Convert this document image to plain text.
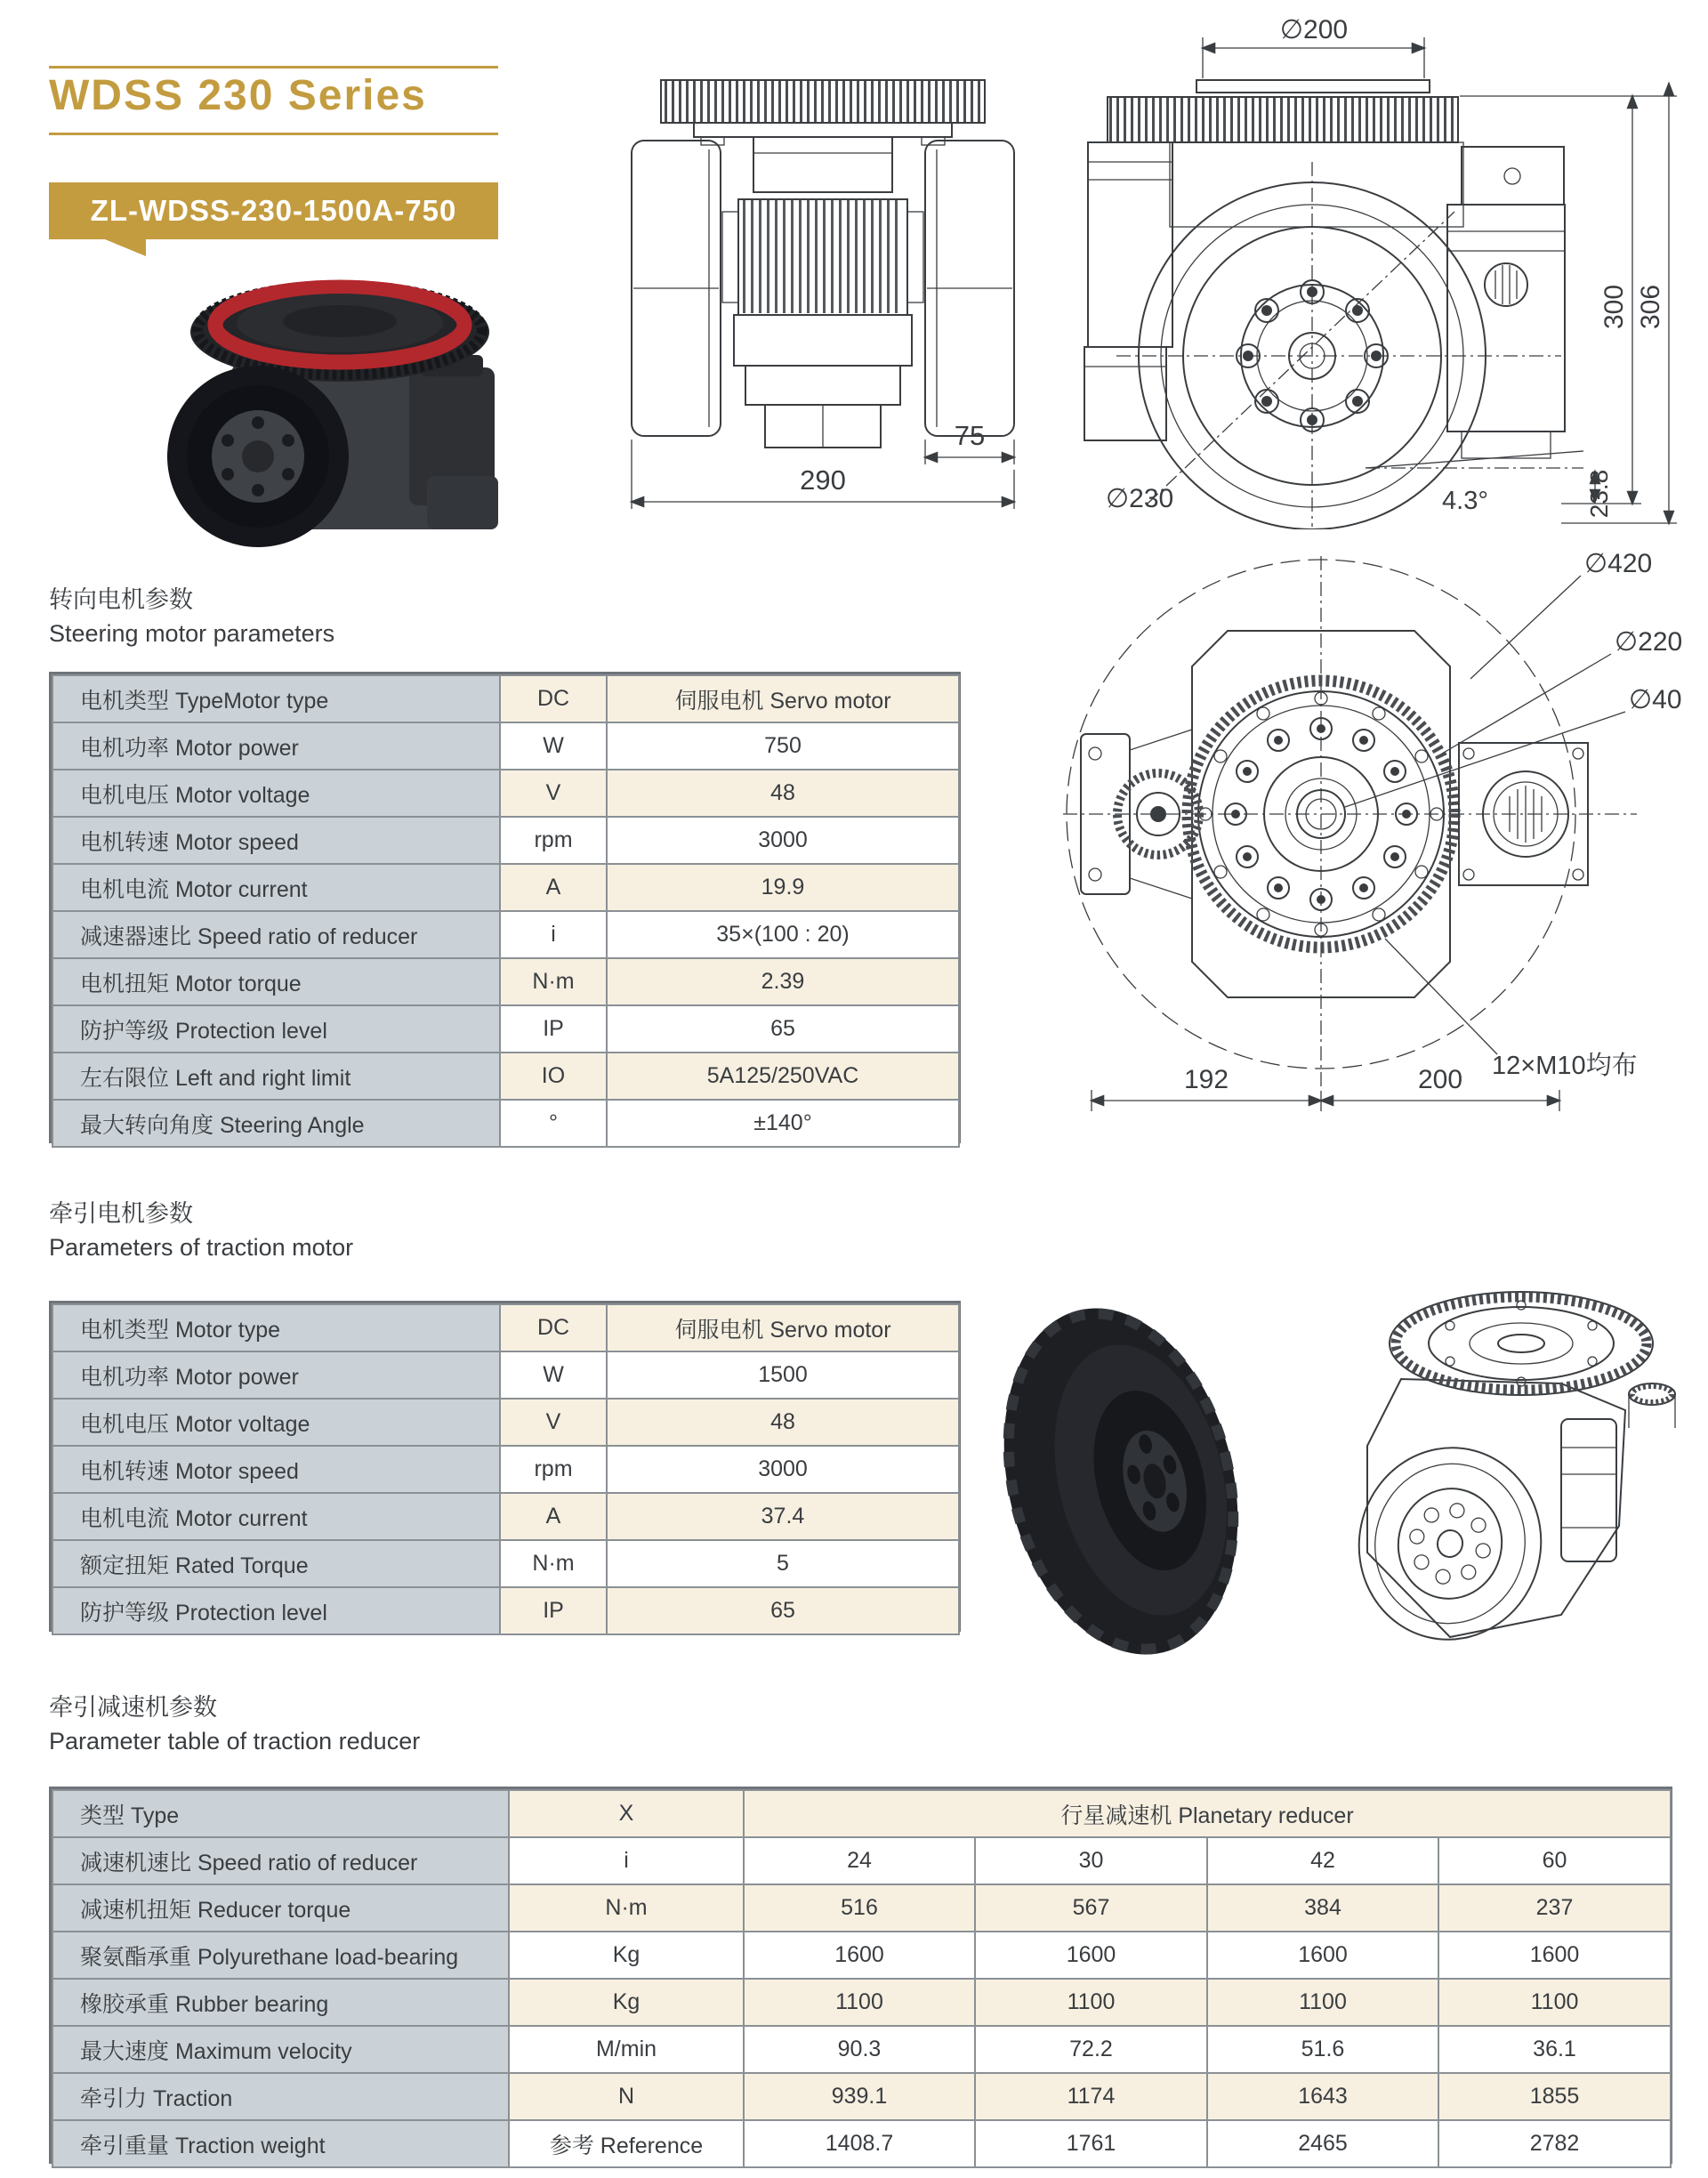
WDSS 230 Series
ZL-WDSS-230-1500A-750
75
290
∅200
4.3°
∅230
300 306
23.8
∅420
∅220
∅40
12×M10均布
192	200
转向电机参数
Steering motor parameters
电机类型 TypeMotor type	DC	伺服电机 Servo motor
电机功率 Motor power	W	750
电机电压 Motor voltage	V	48
电机转速 Motor speed	rpm	3000
电机电流 Motor current	A	19.9
减速器速比 Speed ratio of reducer	i	35×(100 : 20)
电机扭矩 Motor torque	N·m	2.39
防护等级 Protection level	IP	65
左右限位 Left and right limit	IO	5A125/250VAC
最大转向角度 Steering Angle	°	±140°
牵引电机参数
Parameters of traction motor
电机类型 Motor type	DC	伺服电机 Servo motor
电机功率 Motor power	W	1500
电机电压 Motor voltage	V	48
电机转速 Motor speed	rpm	3000
电机电流 Motor current	A	37.4
额定扭矩 Rated Torque	N·m	5
防护等级 Protection level	IP	65
牵引减速机参数
Parameter table of traction reducer
类型 Type	X	行星减速机 Planetary reducer			
减速机速比 Speed ratio of reducer	i	24	30	42	60
减速机扭矩 Reducer torque	N·m	516	567	384	237
聚氨酯承重 Polyurethane load-bearing	Kg	1600	1600	1600	1600
橡胶承重 Rubber bearing	Kg	1100	1100	1100	1100
最大速度 Maximum velocity	M/min	90.3	72.2	51.6	36.1
牵引力 Traction	N	939.1	1174	1643	1855
牵引重量 Traction weight	参考 Reference	1408.7	1761	2465	2782
